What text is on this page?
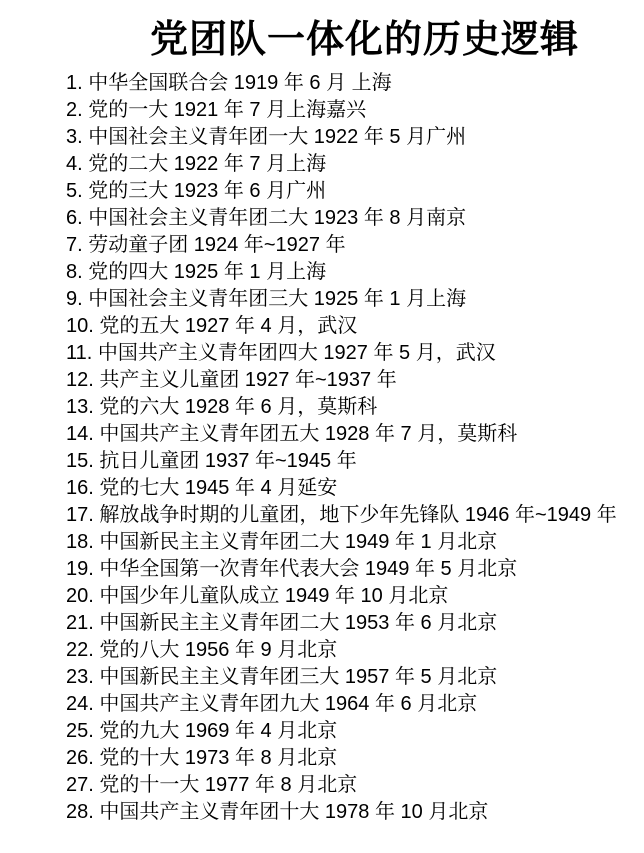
党团队一体化的历史逻辑
1. 中华全国联合会 1919 年 6 月 上海
2. 党的一大 1921 年 7 月上海嘉兴
3. 中国社会主义青年团一大 1922 年 5 月广州
4. 党的二大 1922 年 7 月上海
5. 党的三大 1923 年 6 月广州
6. 中国社会主义青年团二大 1923 年 8 月南京
7. 劳动童子团 1924 年~1927 年
8. 党的四大 1925 年 1 月上海
9. 中国社会主义青年团三大 1925 年 1 月上海
10. 党的五大 1927 年 4 月，武汉
11. 中国共产主义青年团四大 1927 年 5 月，武汉
12. 共产主义儿童团 1927 年~1937 年
13. 党的六大 1928 年 6 月，莫斯科
14. 中国共产主义青年团五大 1928 年 7 月，莫斯科
15. 抗日儿童团 1937 年~1945 年
16. 党的七大 1945 年 4 月延安
17. 解放战争时期的儿童团，地下少年先锋队 1946 年~1949 年
18. 中国新民主主义青年团二大 1949 年 1 月北京
19. 中华全国第一次青年代表大会 1949 年 5 月北京
20. 中国少年儿童队成立 1949 年 10 月北京
21. 中国新民主主义青年团二大 1953 年 6 月北京
22. 党的八大 1956 年 9 月北京
23. 中国新民主主义青年团三大 1957 年 5 月北京
24. 中国共产主义青年团九大 1964 年 6 月北京
25. 党的九大 1969 年 4 月北京
26. 党的十大 1973 年 8 月北京
27. 党的十一大 1977 年 8 月北京
28. 中国共产主义青年团十大 1978 年 10 月北京
